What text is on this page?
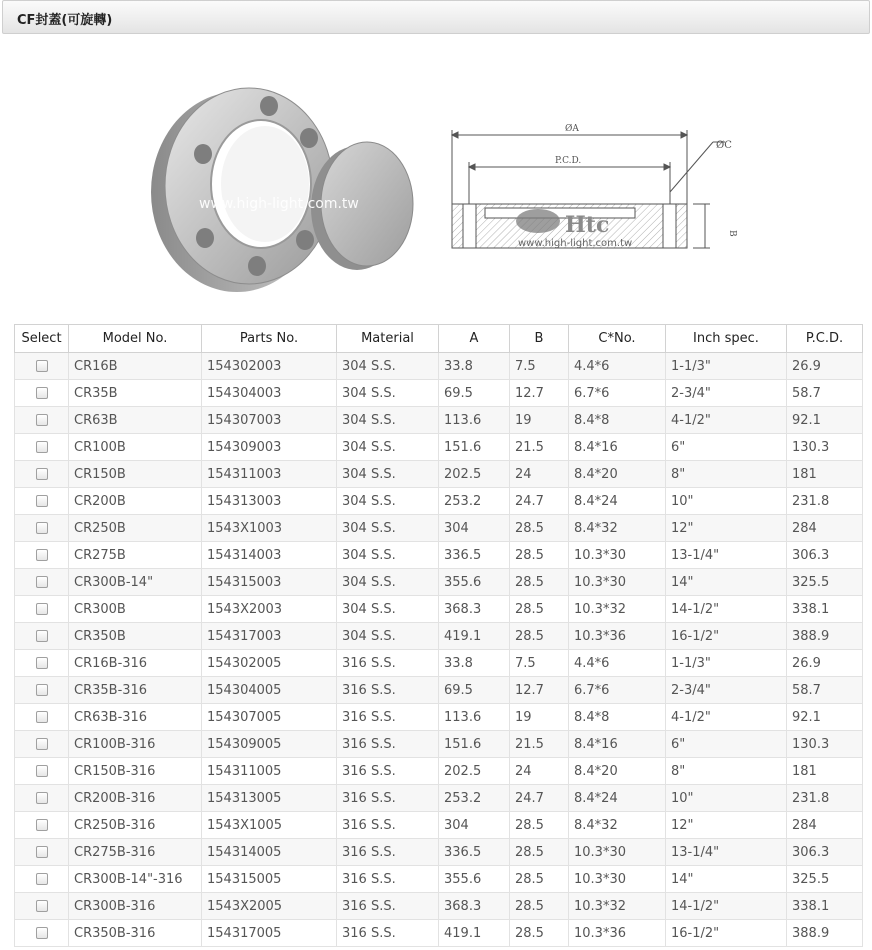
CF封蓋(可旋轉)
www.high-light.com.tw
ØA
P.C.D.
ØC
B
Htc
www.high-light.com.tw
Select	Model No.	Parts No.	Material	A	B	C*No.	Inch spec.	P.C.D.
	CR16B	154302003	304 S.S.	33.8	7.5	4.4*6	1-1/3"	26.9
	CR35B	154304003	304 S.S.	69.5	12.7	6.7*6	2-3/4"	58.7
	CR63B	154307003	304 S.S.	113.6	19	8.4*8	4-1/2"	92.1
	CR100B	154309003	304 S.S.	151.6	21.5	8.4*16	6"	130.3
	CR150B	154311003	304 S.S.	202.5	24	8.4*20	8"	181
	CR200B	154313003	304 S.S.	253.2	24.7	8.4*24	10"	231.8
	CR250B	1543X1003	304 S.S.	304	28.5	8.4*32	12"	284
	CR275B	154314003	304 S.S.	336.5	28.5	10.3*30	13-1/4"	306.3
	CR300B-14"	154315003	304 S.S.	355.6	28.5	10.3*30	14"	325.5
	CR300B	1543X2003	304 S.S.	368.3	28.5	10.3*32	14-1/2"	338.1
	CR350B	154317003	304 S.S.	419.1	28.5	10.3*36	16-1/2"	388.9
	CR16B-316	154302005	316 S.S.	33.8	7.5	4.4*6	1-1/3"	26.9
	CR35B-316	154304005	316 S.S.	69.5	12.7	6.7*6	2-3/4"	58.7
	CR63B-316	154307005	316 S.S.	113.6	19	8.4*8	4-1/2"	92.1
	CR100B-316	154309005	316 S.S.	151.6	21.5	8.4*16	6"	130.3
	CR150B-316	154311005	316 S.S.	202.5	24	8.4*20	8"	181
	CR200B-316	154313005	316 S.S.	253.2	24.7	8.4*24	10"	231.8
	CR250B-316	1543X1005	316 S.S.	304	28.5	8.4*32	12"	284
	CR275B-316	154314005	316 S.S.	336.5	28.5	10.3*30	13-1/4"	306.3
	CR300B-14"-316	154315005	316 S.S.	355.6	28.5	10.3*30	14"	325.5
	CR300B-316	1543X2005	316 S.S.	368.3	28.5	10.3*32	14-1/2"	338.1
	CR350B-316	154317005	316 S.S.	419.1	28.5	10.3*36	16-1/2"	388.9
